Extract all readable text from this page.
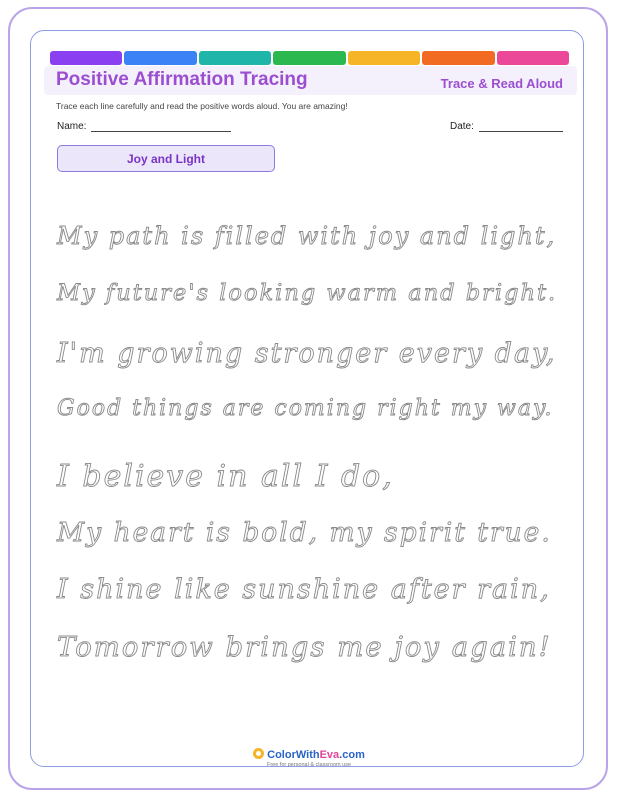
Positive Affirmation Tracing	Trace & Read Aloud
Trace each line carefully and read the positive words aloud. You are amazing!
Name:	Date:
Joy and Light
My path is filled with joy and light,
My future's looking warm and bright.
I'm growing stronger every day,
Good things are coming right my way.
I believe in all I do,
My heart is bold, my spirit true.
I shine like sunshine after rain,
Tomorrow brings me joy again!
ColorWithEva.com
Free for personal & classroom use
